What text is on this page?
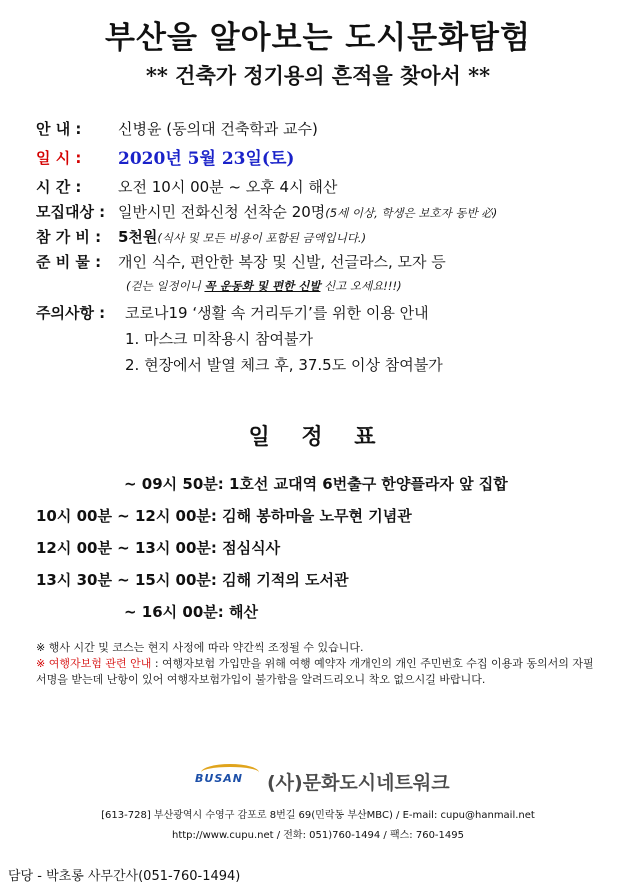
부산을 알아보는 도시문화탐험
** 건축가 정기용의 흔적을 찾아서 **
안 내 : 신병윤 (동의대 건축학과 교수)
일 시 : 2020년 5월 23일(토)
시 간 : 오전 10시 00분 ~ 오후 4시 해산
모집대상 : 일반시민 전화신청 선착순 20명(5세 이상, 학생은 보호자 동반 必)
참 가 비 : 5천원(식사 및 모든 비용이 포함된 금액입니다.)
준 비 물 : 개인 식수, 편안한 복장 및 신발, 선글라스, 모자 등
(걷는 일정이니 꼭 운동화 및 편한 신발 신고 오세요!!!)
주의사항 : 코로나19 ‘생활 속 거리두기’를 위한 이용 안내
1. 마스크 미착용시 참여불가
2. 현장에서 발열 체크 후, 37.5도 이상 참여불가
일 정 표
~ 09시 50분: 1호선 교대역 6번출구 한양플라자 앞 집합
10시 00분 ~ 12시 00분: 김해 봉하마을 노무현 기념관
12시 00분 ~ 13시 00분: 점심식사
13시 30분 ~ 15시 00분: 김해 기적의 도서관
~ 16시 00분: 해산
※ 행사 시간 및 코스는 현지 사정에 따라 약간씩 조정될 수 있습니다.
※ 여행자보험 관련 안내 : 여행자보험 가입만을 위해 여행 예약자 개개인의 개인 주민번호 수집 이용과 동의서의 자필 서명을 받는데 난항이 있어 여행자보험가입이 불가함을 알려드리오니 착오 없으시길 바랍니다.
BUSAN (사)문화도시네트워크
[613-728] 부산광역시 수영구 감포로 8번길 69(민락동 부산MBC) / E-mail: cupu@hanmail.net
http://www.cupu.net / 전화: 051)760-1494 / 팩스: 760-1495
담당 - 박초롱 사무간사(051-760-1494)
